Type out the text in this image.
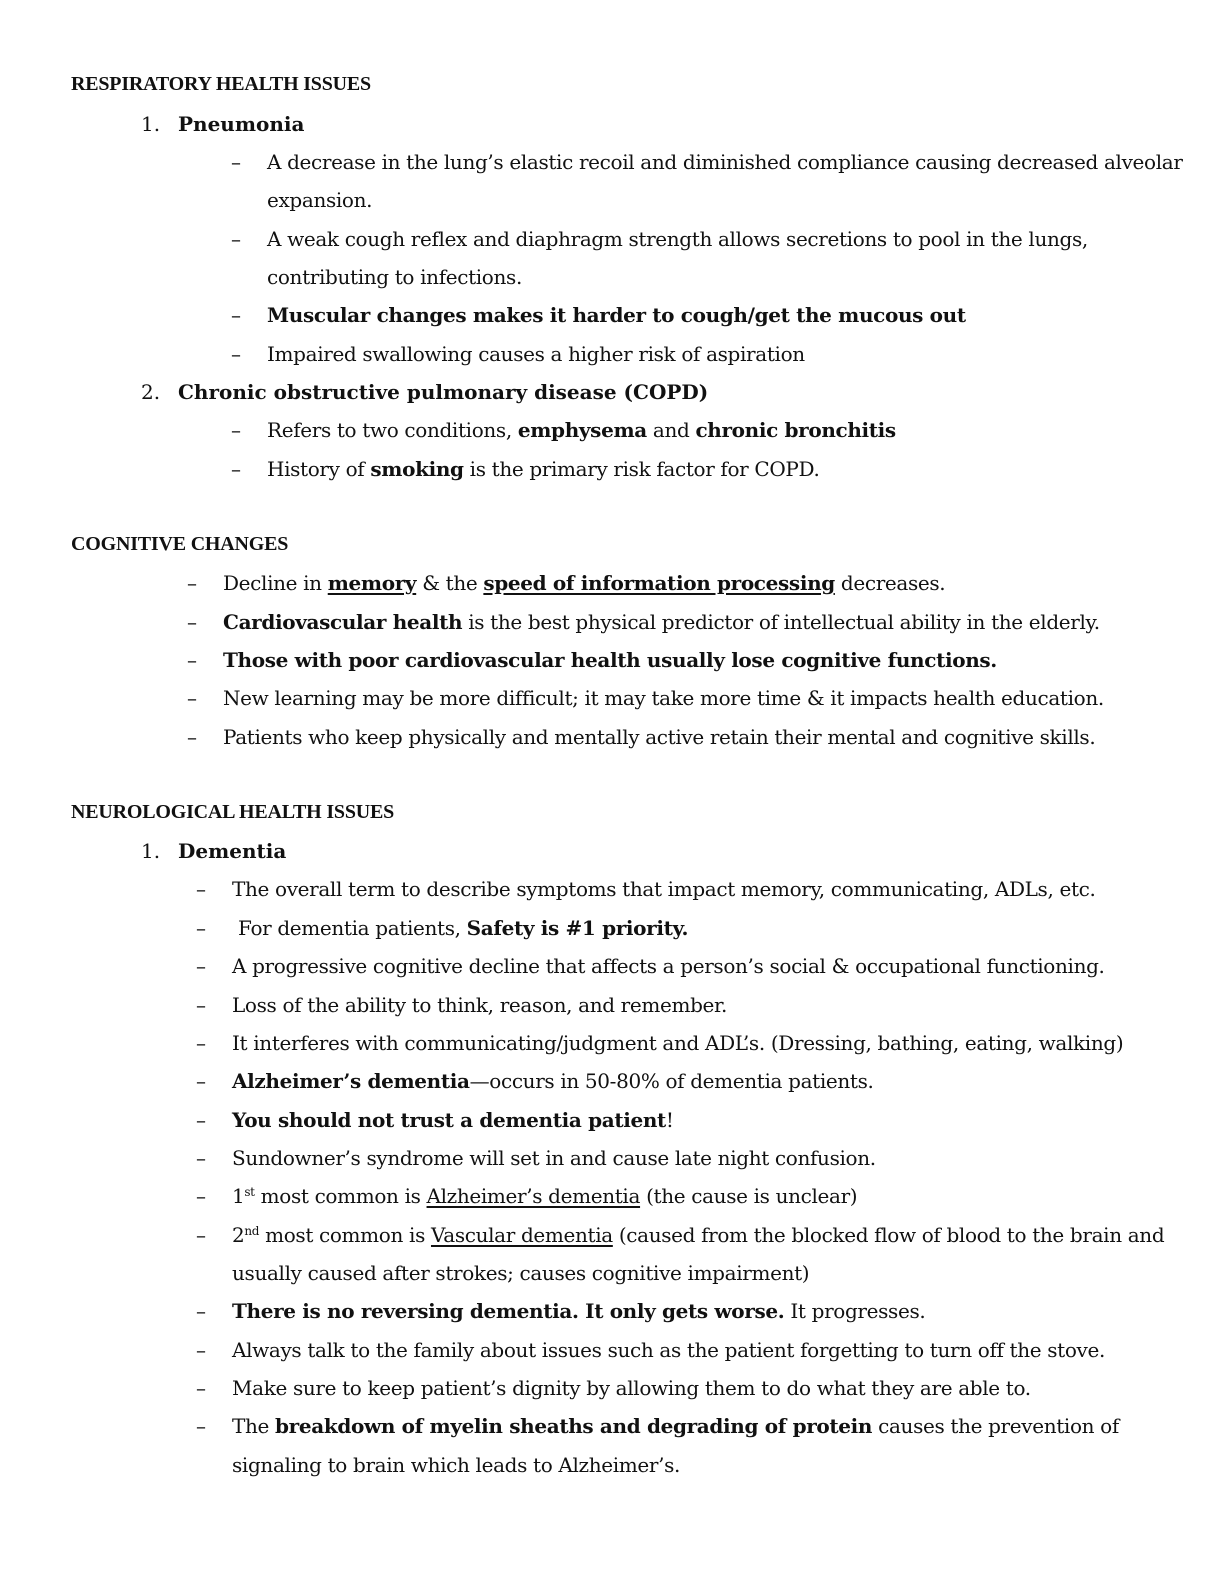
RESPIRATORY HEALTH ISSUES
1. Pneumonia
– A decrease in the lung’s elastic recoil and diminished compliance causing decreased alveolar
expansion.
– A weak cough reflex and diaphragm strength allows secretions to pool in the lungs,
contributing to infections.
– Muscular changes makes it harder to cough/get the mucous out
– Impaired swallowing causes a higher risk of aspiration
2. Chronic obstructive pulmonary disease (COPD)
– Refers to two conditions, emphysema and chronic bronchitis
– History of smoking is the primary risk factor for COPD.
COGNITIVE CHANGES
– Decline in memory & the speed of information processing decreases.
– Cardiovascular health is the best physical predictor of intellectual ability in the elderly.
– Those with poor cardiovascular health usually lose cognitive functions.
– New learning may be more difficult; it may take more time & it impacts health education.
– Patients who keep physically and mentally active retain their mental and cognitive skills.
NEUROLOGICAL HEALTH ISSUES
1. Dementia
– The overall term to describe symptoms that impact memory, communicating, ADLs, etc.
– For dementia patients, Safety is #1 priority.
– A progressive cognitive decline that affects a person’s social & occupational functioning.
– Loss of the ability to think, reason, and remember.
– It interferes with communicating/judgment and ADL’s. (Dressing, bathing, eating, walking)
– Alzheimer’s dementia—occurs in 50-80% of dementia patients.
– You should not trust a dementia patient!
– Sundowner’s syndrome will set in and cause late night confusion.
– 1st most common is Alzheimer’s dementia (the cause is unclear)
– 2nd most common is Vascular dementia (caused from the blocked flow of blood to the brain and
usually caused after strokes; causes cognitive impairment)
– There is no reversing dementia. It only gets worse. It progresses.
– Always talk to the family about issues such as the patient forgetting to turn off the stove.
– Make sure to keep patient’s dignity by allowing them to do what they are able to.
– The breakdown of myelin sheaths and degrading of protein causes the prevention of
signaling to brain which leads to Alzheimer’s.
